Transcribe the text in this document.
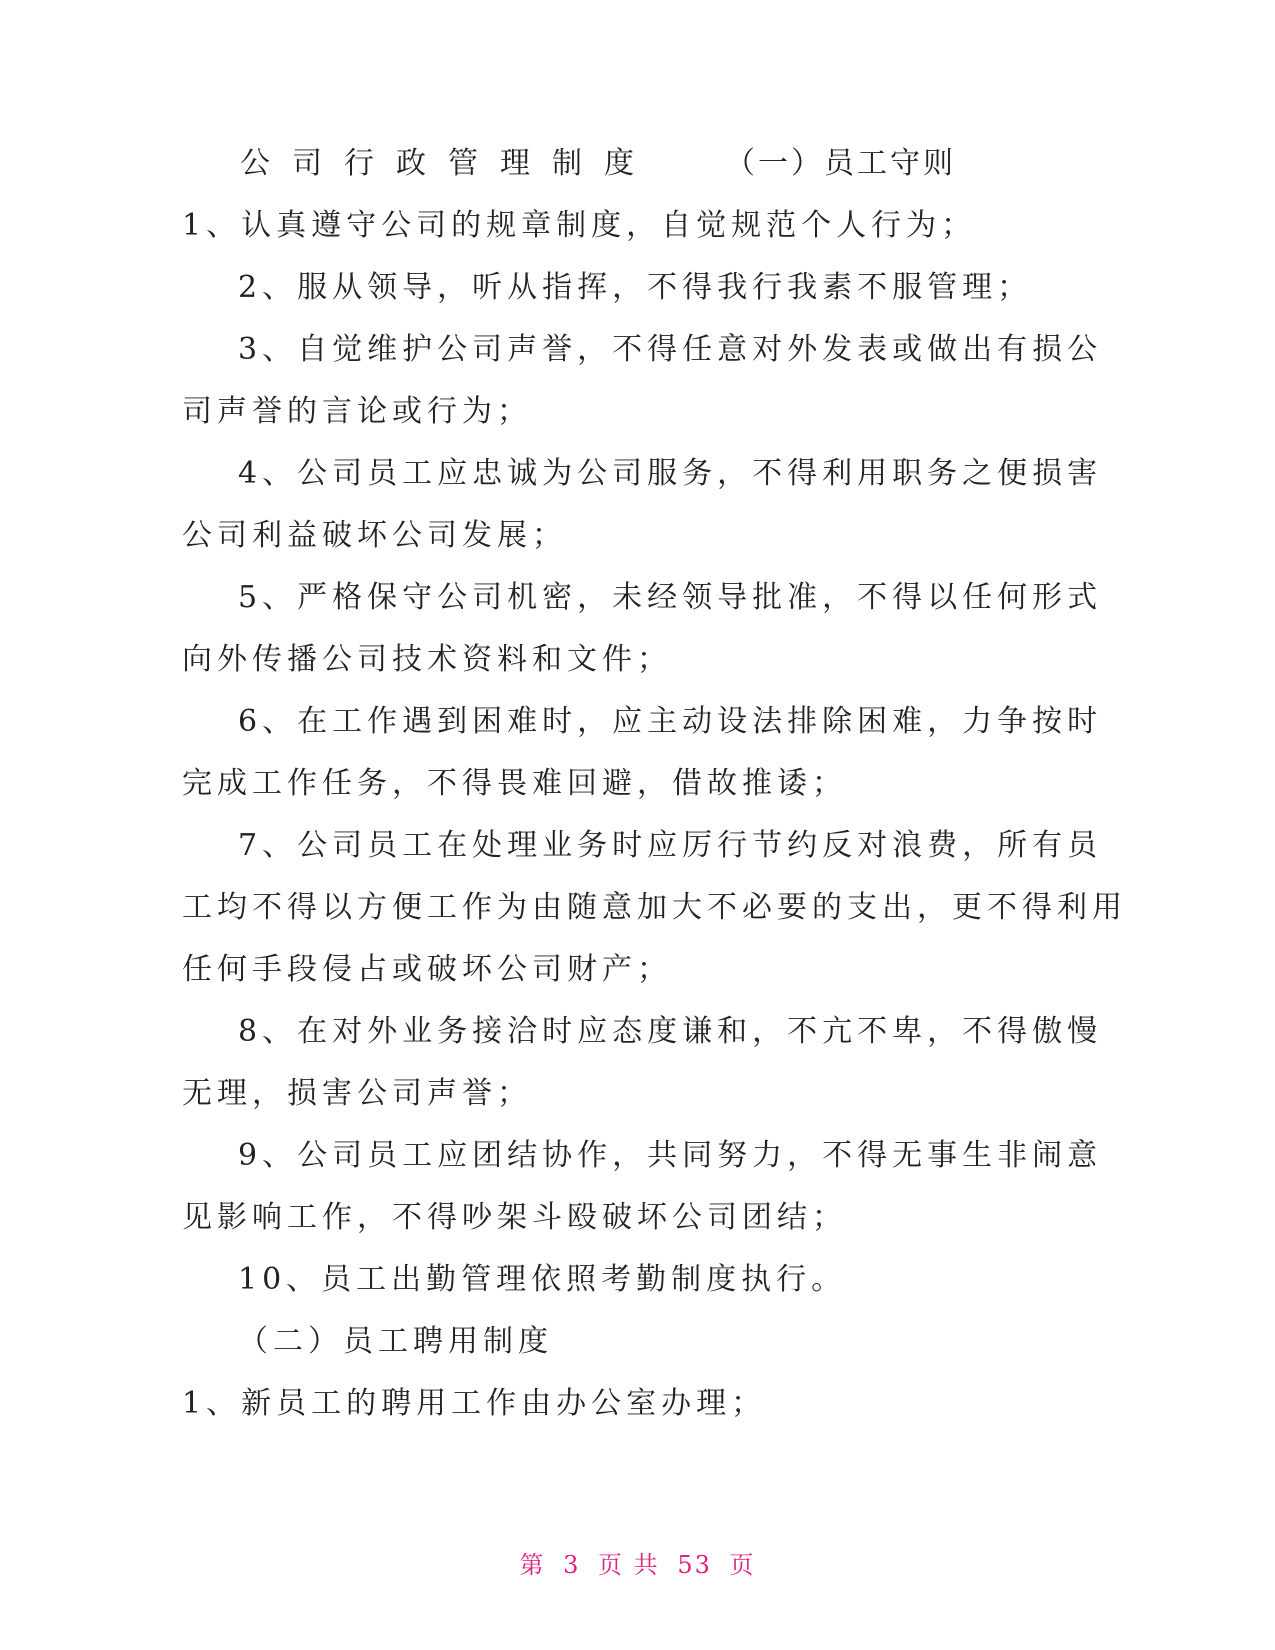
公司行政管理制度 （一）员工守则
1、认真遵守公司的规章制度，自觉规范个人行为；
2、服从领导，听从指挥，不得我行我素不服管理；
3、自觉维护公司声誉，不得任意对外发表或做出有损公
司声誉的言论或行为；
4、公司员工应忠诚为公司服务，不得利用职务之便损害
公司利益破坏公司发展；
5、严格保守公司机密，未经领导批准，不得以任何形式
向外传播公司技术资料和文件；
6、在工作遇到困难时，应主动设法排除困难，力争按时
完成工作任务，不得畏难回避，借故推诿；
7、公司员工在处理业务时应厉行节约反对浪费，所有员
工均不得以方便工作为由随意加大不必要的支出，更不得利用
任何手段侵占或破坏公司财产；
8、在对外业务接洽时应态度谦和，不亢不卑，不得傲慢
无理，损害公司声誉；
9、公司员工应团结协作，共同努力，不得无事生非闹意
见影响工作，不得吵架斗殴破坏公司团结；
10、员工出勤管理依照考勤制度执行。
（二）员工聘用制度
1、新员工的聘用工作由办公室办理；
第 3 页 共 53 页
